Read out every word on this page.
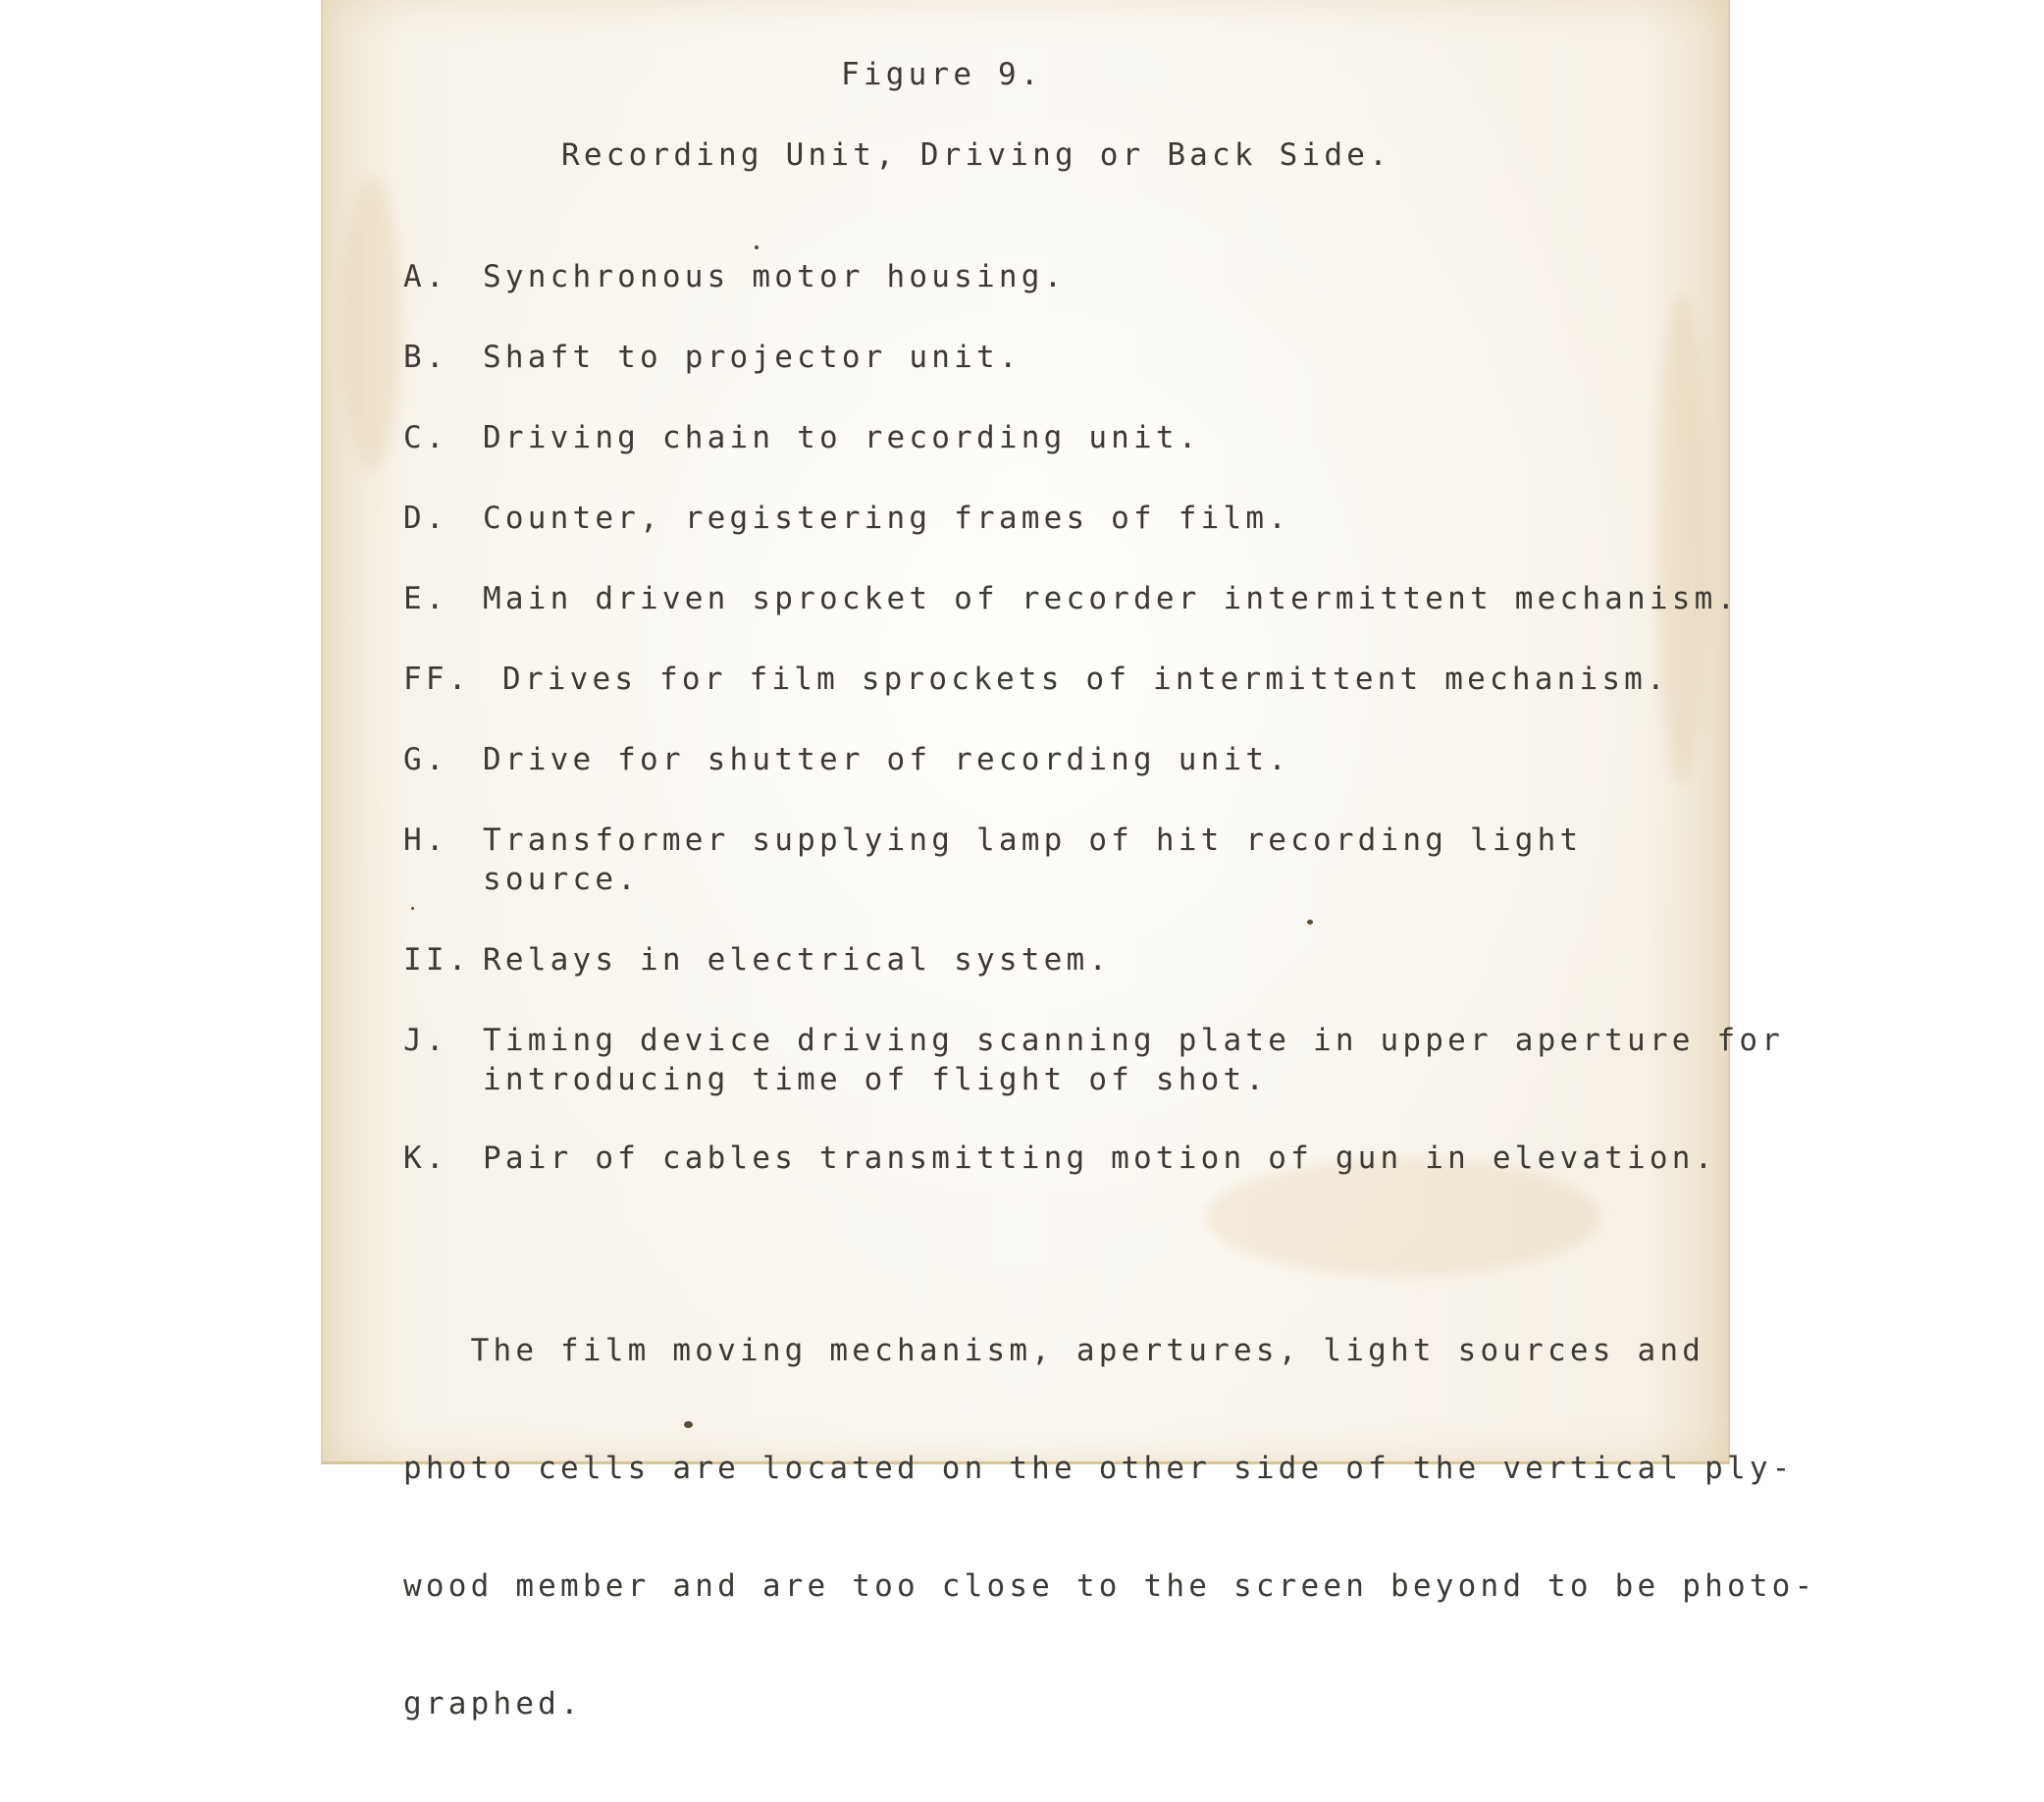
Figure 9.
Recording Unit, Driving or Back Side.
A. Synchronous motor housing.
B. Shaft to projector unit.
C. Driving chain to recording unit.
D. Counter, registering frames of film.
E. Main driven sprocket of recorder intermittent mechanism.
FF. Drives for film sprockets of intermittent mechanism.
G. Drive for shutter of recording unit.
H. Transformer supplying lamp of hit recording light
source.
II. Relays in electrical system.
J. Timing device driving scanning plate in upper aperture for
introducing time of flight of shot.
K. Pair of cables transmitting motion of gun in elevation.

The film moving mechanism, apertures, light sources and

photo cells are located on the other side of the vertical ply-

wood member and are too close to the screen beyond to be photo-

graphed.
